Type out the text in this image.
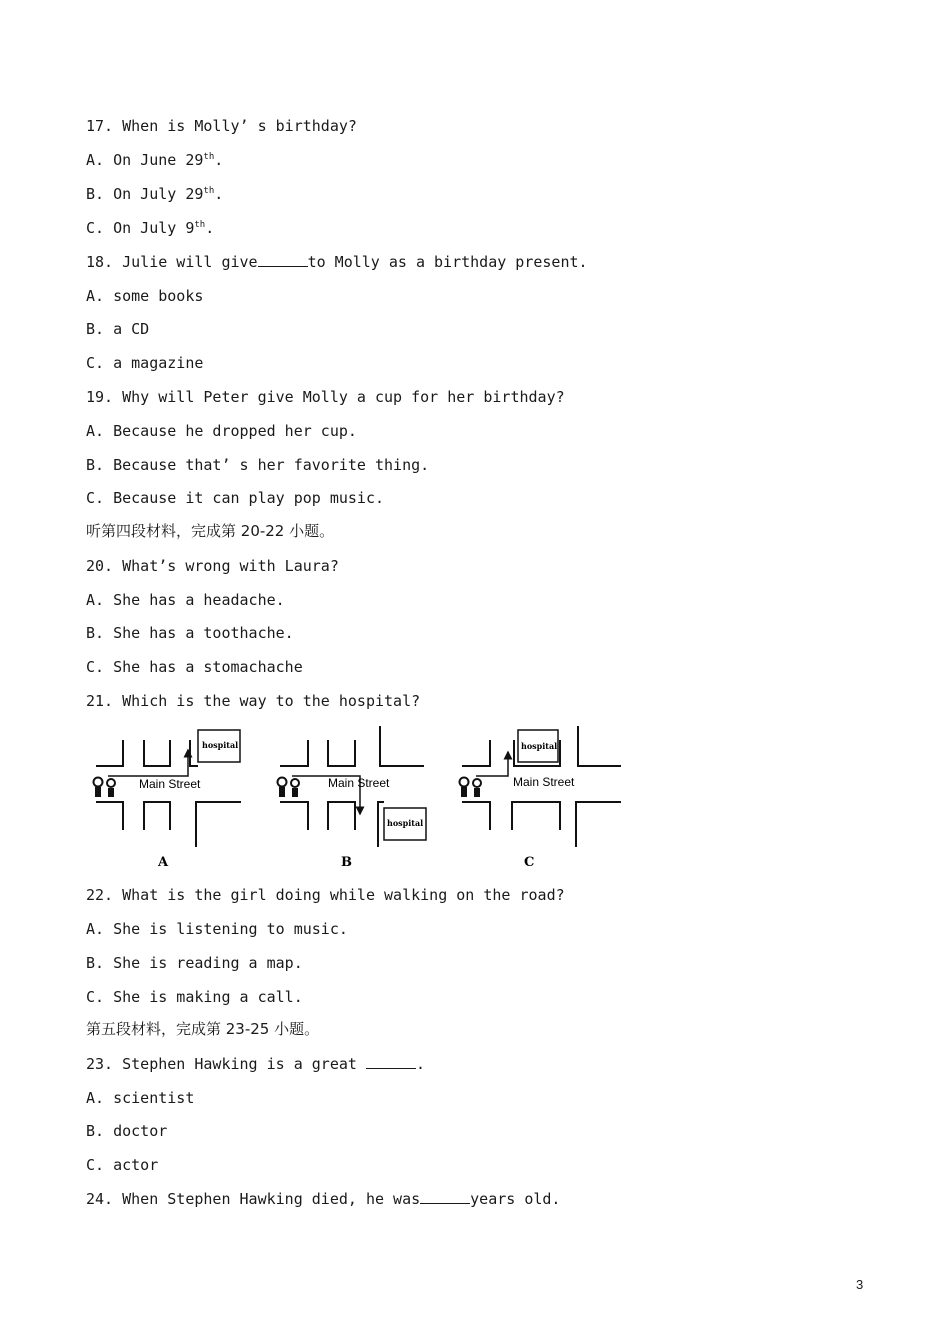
17. When is Molly’ s birthday?
A. On June 29th.
B. On July 29th.
C. On July 9th.
18. Julie will give	to Molly as a birthday present.
A. some books
B. a CD
C. a magazine
19. Why will Peter give Molly a cup for her birthday?
A. Because he dropped her cup.
B. Because that’ s her favorite thing.
C. Because it can play pop music.
听第四段材料，完成第 20-22 小题。
20. What’s wrong with Laura?
A. She has a headache.
B. She has a toothache.
C. She has a stomachache
21. Which is the way to the hospital?
hospital
Main Street
A
hospital
Main Street
B
hospital
Main Street
C
22. What is the girl doing while walking on the road?
A. She is listening to music.
B. She is reading a map.
C. She is making a call.
第五段材料，完成第 23-25 小题。
23. Stephen Hawking is a great	.
A. scientist
B. doctor
C. actor
24. When Stephen Hawking died, he was	years old.
3
